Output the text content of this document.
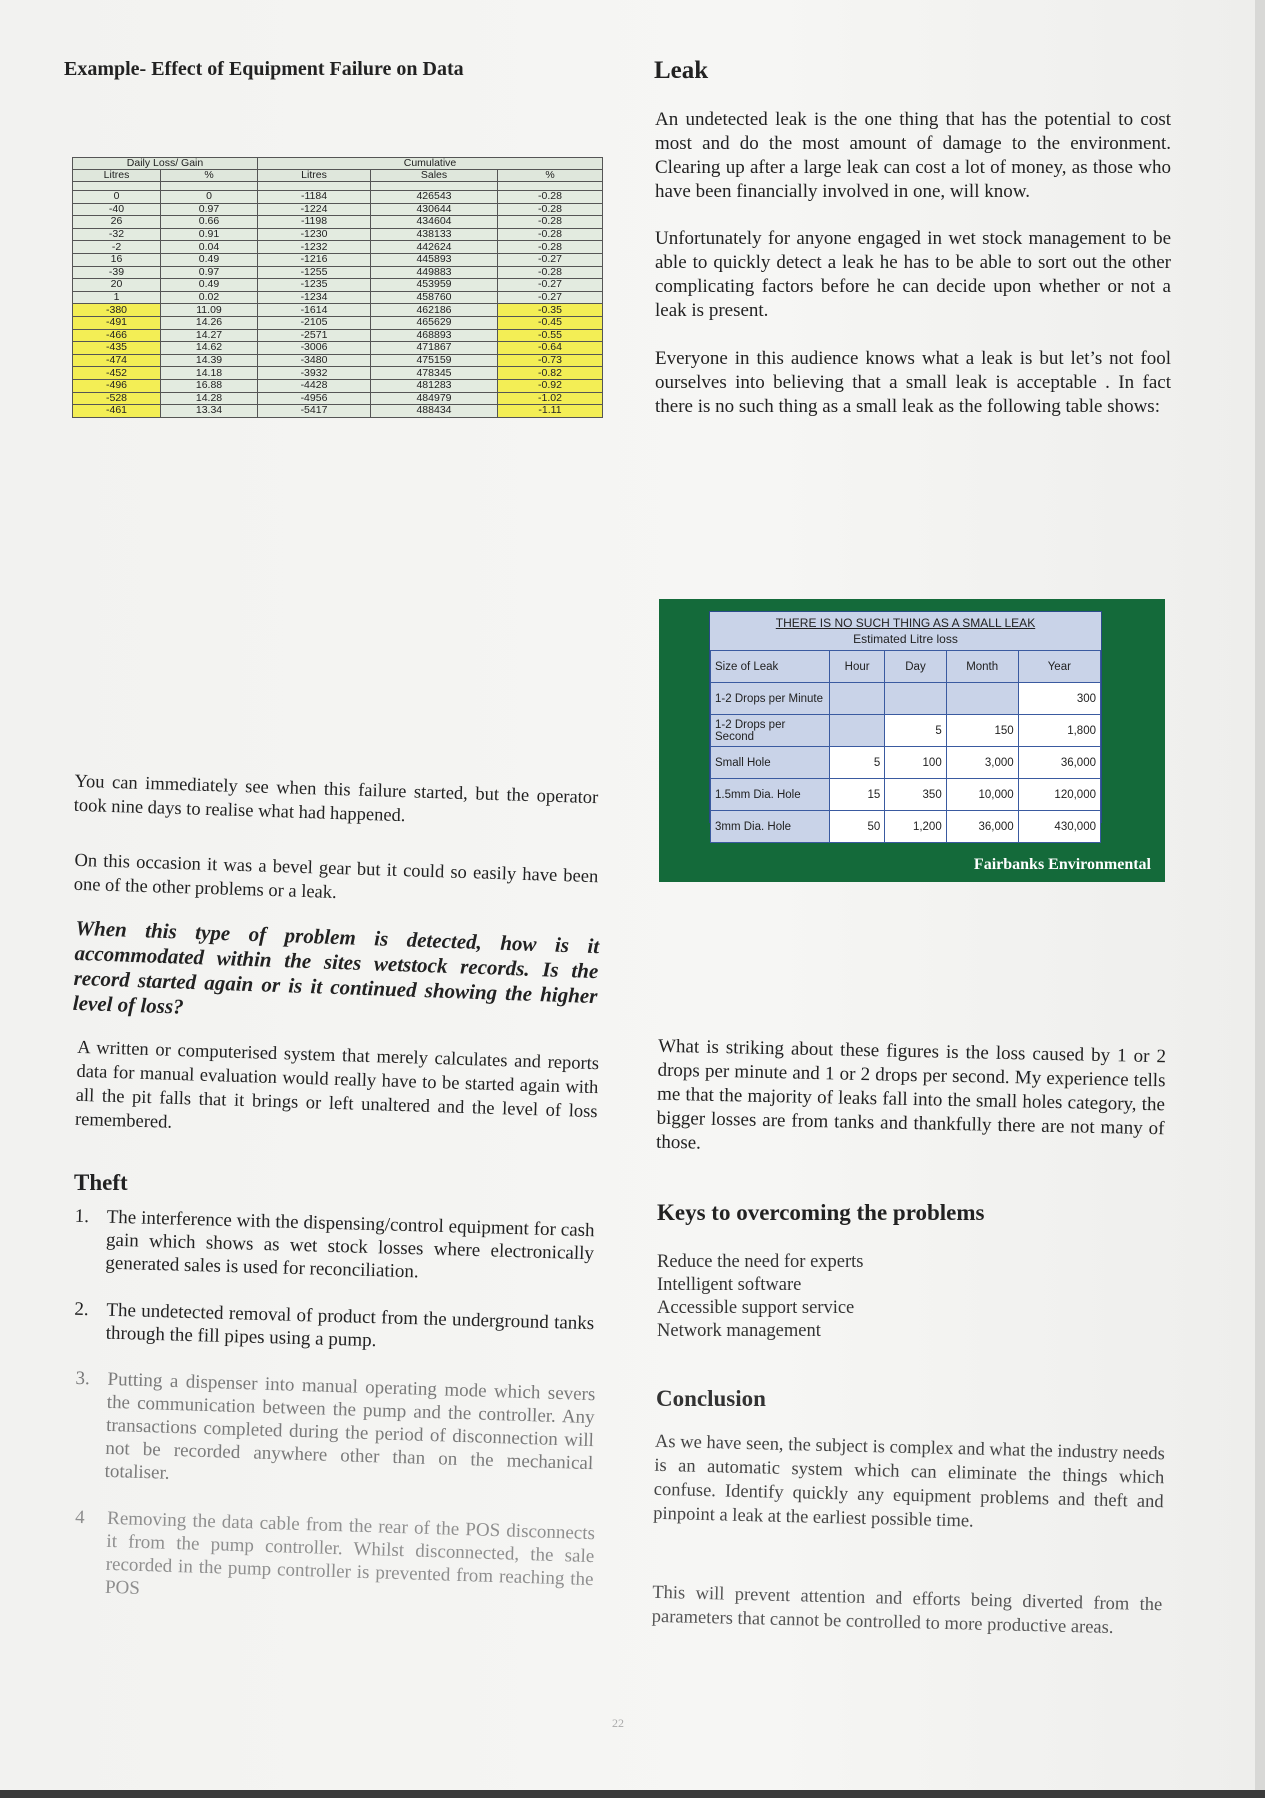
Example- Effect of Equipment Failure on Data
Daily Loss/ Gain		Cumulative		
Litres	%	Litres	Sales	%

0	0	-1184	426543	-0.28
-40	0.97	-1224	430644	-0.28
26	0.66	-1198	434604	-0.28
-32	0.91	-1230	438133	-0.28
-2	0.04	-1232	442624	-0.28
16	0.49	-1216	445893	-0.27
-39	0.97	-1255	449883	-0.28
20	0.49	-1235	453959	-0.27
1	0.02	-1234	458760	-0.27
-380	11.09	-1614	462186	-0.35
-491	14.26	-2105	465629	-0.45
-466	14.27	-2571	468893	-0.55
-435	14.62	-3006	471867	-0.64
-474	14.39	-3480	475159	-0.73
-452	14.18	-3932	478345	-0.82
-496	16.88	-4428	481283	-0.92
-528	14.28	-4956	484979	-1.02
-461	13.34	-5417	488434	-1.11

You can immediately see when this failure started, but the operator took nine days to realise what had happened.

On this occasion it was a bevel gear but it could so easily have been one of the other problems or a leak.

When this type of problem is detected, how is it accommodated within the sites wetstock records. Is the record started again or is it continued showing the higher level of loss?

A written or computerised system that merely calculates and reports data for manual evaluation would really have to be started again with all the pit falls that it brings or left unaltered and the level of loss remembered.

Theft
1. The interference with the dispensing/control equipment for cash gain which shows as wet stock losses where electronically generated sales is used for reconciliation.
2. The undetected removal of product from the underground tanks through the fill pipes using a pump.
3. Putting a dispenser into manual operating mode which severs the communication between the pump and the controller. Any transactions completed during the period of disconnection will not be recorded anywhere other than on the mechanical totaliser.
4 Removing the data cable from the rear of the POS disconnects it from the pump controller. Whilst disconnected, the sale recorded in the pump controller is prevented from reaching the POS
Leak

An undetected leak is the one thing that has the potential to cost most and do the most amount of damage to the environment. Clearing up after a large leak can cost a lot of money, as those who have been financially involved in one, will know.

Unfortunately for anyone engaged in wet stock management to be able to quickly detect a leak he has to be able to sort out the other complicating factors before he can decide upon whether or not a leak is present.

Everyone in this audience knows what a leak is but let’s not fool ourselves into believing that a small leak is acceptable . In fact there is no such thing as a small leak as the following table shows:

THERE IS NO SUCH THING AS A SMALL LEAK
Estimated Litre loss
Size of Leak	Hour	Day	Month	Year
1-2 Drops per Minute				300
1-2 Drops per Second		5	150	1,800
Small Hole	5	100	3,000	36,000
1.5mm Dia. Hole	15	350	10,000	120,000
3mm Dia. Hole	50	1,200	36,000	430,000
Fairbanks Environmental

What is striking about these figures is the loss caused by 1 or 2 drops per minute and 1 or 2 drops per second. My experience tells me that the majority of leaks fall into the small holes category, the bigger losses are from tanks and thankfully there are not many of those.

Keys to overcoming the problems
Reduce the need for experts
Intelligent software
Accessible support service
Network management
Conclusion

As we have seen, the subject is complex and what the industry needs is an automatic system which can eliminate the things which confuse. Identify quickly any equipment problems and theft and pinpoint a leak at the earliest possible time.

This will prevent attention and efforts being diverted from the parameters that cannot be controlled to more productive areas.

22
